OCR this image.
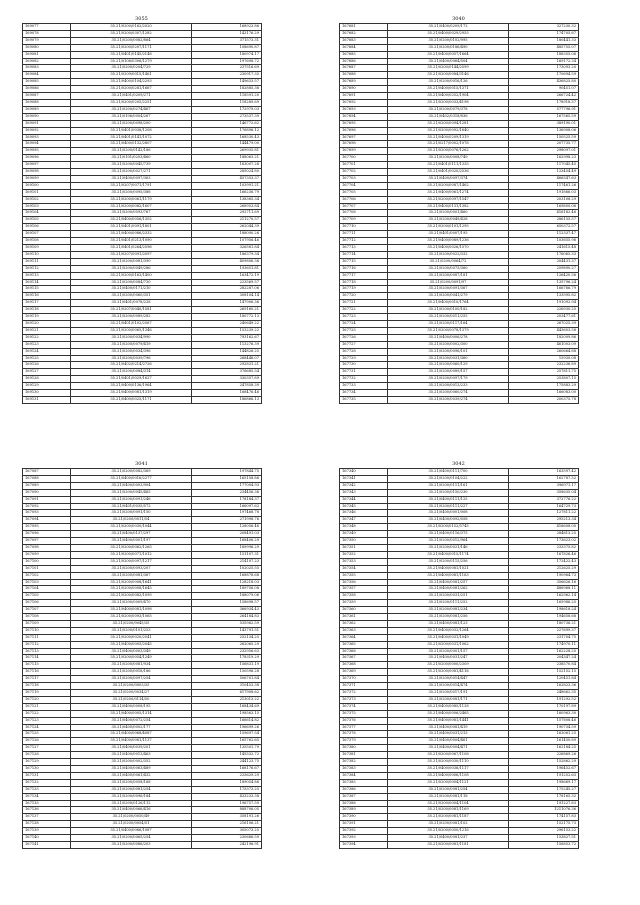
3055
169077	35.21/0200/0162/2020	168923.86
169078	35.21/0200/0307/1282	143176.29
169079	35.21/0200/0082/864	371573.31
169080	35.21/0200/0207/1171	108690.87
169081	35.21/0401/0145/2148	180974.17
169082	35.21/0106/0306/1279	197698.72
169083	35.21/0200/0204/729	237516.69
169084	35.21/0209/0015/1461	230917.35
169085	35.21/0400/0104/2293	149633.57
169086	35.21/0200/0281/1667	182885.36
169087	35.21/0401/0209/271	118591.20
169088	35.21/0200/0205/2251	118289.69
169089	35.21/0200/0274/467	172979.03
169090	35.21/0106/0004/267	273537.39
169091	35.21/0200/0098/200	146772.62
169092	35.21/0401/0036/1208	176896.12
169093	35.21/0401/0141/1072	168530.43
169094	35.21/0400/0132/2807	144479.00
169095	35.21/0200/0142/186	269935.81
169096	35.21/0101/0203/460	188063.21
169097	35.21/0200/0045/739	163007.28
169098	35.21/0200/0027/271	285024.80
169099	35.21/0400/0097/363	457353.37
169100	35.21/0207/0071/1791	103991.21
169101	35.21/0200/0095/388	166236.79
169102	35.21/0200/0061/1179	138365.34
169103	35.21/0200/0082/1607	268953.84
169104	35.21/0200/0093/767	292711.69
169105	35.21/0400/0056/1302	211270.57
169106	35.21/0401/0091/1801	262044.39
169107	35.21/0400/0086/2332	188090.26
169108	35.21/0401/0213/1090	107956.46
169109	35.21/0401/0264/2596	326581.84
169110	35.21/0207/0091/2097	186379.34
169111	35.21/0200/0081/390	409806.36
169112	35.21/0200/0049/286	193651.81
169113	35.21/0200/0163/1400	163472.19
169114	35.21/0200/0084/730	223569.57
169115	35.21/0400/0171/210	282287.06
169116	35.21/0200/0060/351	308104.14
169117	35.21/0401/0078/228	147906.36
169118	35.21/0207/0040/1581	269160.21
169119	35.21/0200/0089/282	180772.13
169120	35.21/0401/0102/2567	240649.22
169121	35.21/0200/0065/1346	153239.22
169122	35.21/0200/0034/990	793162.67
169123	35.21/0200/0079/419	113276.39
169124	35.21/0200/0034/396	144826.25
169125	35.21/0200/0039/796	268446.07
169126	35.21/0402/0214/2726	292831.21
169127	35.21/0200/0084/314	376685.54
169128	35.21/0401/0029/1627	330357.89
169129	35.21/0400/0136/1964	247858.39
169130	35.21/0400/0081/1319	168476.46
169131	35.21/0400/0025/1171	186866.13
3040
167681	35.21/0400/0209/172	327230.32
167682	35.21/0400/0029/2955	174705.67
167683	35.21/0200/0102/995	180441.33
167684	35.21/0200/0186/490	485755.07
167685	35.21/0400/0057/1664	188355.06
167686	35.21/0400/0064/504	169172.34
167687	35.21/0200/0144/2599	173093.20
167688	35.21/0200/0084/3146	170694.59
167689	35.21/0200/0016/126	436825.80
167690	35.21/0400/0015/1371	90451.07
167691	35.21/0400/0252/1904	266724.42
167692	35.21/0200/0033/4198	178918.37
167693	35.21/0200/0079/378	577796.91
167694	35.21/0402/0318/836	167565.59
167695	35.21/0200/0094/1281	389190.01
167696	35.21/0200/0092/1640	136908.06
167697	35.21/0400/0209/1319	150525.59
167698	35.21/0217/0002/1076	207735.77
167699	35.21/0200/0076/1262	298097.01
167700	35.21/0200/0008/749	162998.23
167701	35.21/0401/0111/1335	117045.45
167702	35.21/0401/0020/2536	123454.49
167703	35.21/0400/0097/374	466547.63
167704	35.21/0200/0087/1462	117461.26
167705	35.21/0400/0061/1274	191866.03
167706	35.21/0200/0097/1547	203108.29
167707	35.21/0400/0131/1382	169800.06
167708	35.21/0200/0001/460	416182.46
167709	35.21/0200/0049/428	286155.57
167710	35.21/0200/0101/1295	650372.57
167711	35.21/0401/0007/195	112337.47
167712	35.21/0400/0089/1236	103655.98
167713	35.21/0400/0026/1570	241615.48
167714	35.21/0200/0022/332	176065.33
167715	35.21/0200/0064/72	204431.37
167716	35.21/0200/0075/360	259890.27
167717	35.21/0200/0087/181	126420.56
167718	35.21/0200/0091/97	135796.24
167719	35.21/0200/0091/367	166766.79
167720	35.21/0200/0041/279	133995.82
167721	35.21/0400/0010/1764	191092.94
167722	35.21/0200/0100/182	226930.25
167723	35.21/0200/0011/255	203477.61
167724	35.21/0200/0117/164	267025.39
167725	35.21/0200/0078/1379	443603.58
167726	35.21/0400/0006/278	182009.86
167727	35.21/0200/0002/300	461003.09
167728	35.21/0200/0096/101	260664.88
167729	35.21/0200/0031/360	15930.08
167730	35.21/0200/0060/129	232236.89
167731	35.21/0200/0089/157	257811.75
167732	35.21/0200/0097/179	253807.15
167733	35.21/0200/0013/233	175883.29
167734	35.21/0200/0060/274	166083.00
167735	35.21/0200/0039/274	200375.78
3041
167087	35.21/0200/0082/369	197844.75
167088	35.21/0400/0016/2277	165158.86
167089	35.21/0400/0003/904	177004.93
167090	35.21/0200/0045/465	234456.36
167091	35.21/0200/0091/246	178184.37
167092	35.21/0401/0035/572	166097.63
167093	35.21/0200/0091/150	197468.78
167094	35.21/0200/0011/54	271998.76
167095	35.21/0200/0030/1044	128056.46
167096	35.21/0400/0137/297	208491.03
167097	35.21/0400/0001/197	168406.29
167098	35.21/0200/0062/1265	189996.29
167099	35.21/0200/0071/1012	151107.31
167100	35.21/0200/0097/1217	214107.23
167101	35.21/0200/0093/207	102025.55
167102	35.21/0200/0081/367	168878.68
167103	35.21/0200/0008/1641	128218.03
167104	35.21/0200/0008/1645	189756.08
167105	35.21/0200/0083/1095	188079.06
167106	35.21/0200/0009/470	158698.57
167107	35.21/0400/0081/1098	366934.43
167108	35.21/0200/0093/1065	264184.83
167109	35.21/0200/0045/35	535962.59
167110	35.21/0200/0101/253	143791.51
167111	35.21/0200/0020/2541	252134.25
167112	35.21/0400/0005/2045	262065.29
167113	35.21/0400/0003/349	232956.63
167114	35.21/0200/0054/1249	178319.29
167115	35.21/0200/0081/934	156831.19
167116	35.21/0200/0018/186	150596.28
167117	35.21/0200/0097/254	506701.84
167118	35.21/0200/0003/35	310453.38
167119	35.21/0200/0034/27	617908.62
167120	35.21/0200/0114/50	213013.22
167121	35.21/0400/0008/195	168434.69
167122	35.21/0400/0005/1314	198563.15
167123	35.21/0400/0072/254	166614.82
167124	35.21/0400/0002/177	196699.26
167125	35.21/0400/0068/4087	159697.54
167126	35.21/0400/0081/1137	165762.65
167127	35.21/0400/0039/201	135501.79
167128	35.21/0400/0013/463	145532.72
167129	35.21/0200/0002/352	244123.75
167130	35.21/0400/0063/489	168176.67
167131	35.21/0400/0061/432	225629.29
167132	35.21/0200/0058/168	189054.86
167133	35.21/0200/0081/254	175373.25
167134	35.21/0200/0096/184	433233.38
167135	35.21/0200/0126/112	196757.59
167136	35.21/0400/0066/416	888706.05
167137	35.21/0200/0050/49	358191.26
167138	35.21/0200/0054/51	216106.21
167139	35.21/0400/0066/1087	305073.25
167140	35.21/0200/0065/254	230666.59
167141	35.21/0200/0086/203	242196.91
3042
167340	35.21/0400/0111/700	163597.42
167341	35.21/0200/0104/222	162787.52
167342	35.21/0200/0111/161	396971.17
167343	35.21/0200/0150/230	358635.04
167344	35.21/0400/0111/125	372776.22
167345	35.21/0200/0111/227	164729.73
167346	35.21/0400/0001/008	127811.22
167347	35.21/0400/0092/058	295213.34
167348	35.21/0200/0152/5745	416608.00
167349	35.21/0400/0116/375	284813.25
167350	35.21/0200/0012/964	173623.02
167351	35.21/0200/0021/146	233375.82
167352	35.21/0400/0015/1174	167826.46
167353	35.21/0200/0115/256	172422.43
167354	35.21/0400/0081/1021	212625.29
167355	35.21/0400/0081/1163	190964.73
167356	35.21/0400/0081/257	356626.16
167357	35.21/0400/0081/262	486968.11
167358	35.21/0200/0031/251	162962.14
167359	35.21/0200/0111/252	165986.25
167360	35.21/0200/0081/234	198618.24
167361	35.21/0200/0081/256	194658.68
167362	35.21/0400/0081/123	180736.21
167363	35.21/0400/0032/1264	227699.37
167364	35.21/0400/0031/1049	231704.75
167365	35.21/0200/0031/1062	174970.11
167366	35.21/0200/0001/157	162228.25
167367	35.21/0400/0031/247	204347.24
167368	35.21/0200/0000/2309	238570.84
167369	35.21/0200/0081/4116	152152.15
167370	35.21/0200/0014/447	120451.84
167371	35.21/0200/0014/474	162823.36
167372	35.21/0200/0017/191	248662.35
167373	35.21/0200/0081/171	191292.52
167374	35.21/0400/0085/1128	170197.89
167375	35.21/0400/0006/2465	160963.30
167376	35.21/0400/0081/1441	157808.46
167377	35.21/0400/0081/419	190734.59
167378	35.21/0400/0031/213	163061.25
167379	35.21/0400/0004/461	161450.89
167380	35.21/0400/0004/471	162184.25
167381	35.21/0200/0067/1108	226869.26
167382	35.21/0200/0030/1110	152862.29
167383	35.21/0400/0036/1117	196452.67
167384	35.21/0400/0006/1108	191252.63
167385	35.21/0200/0004/1121	198669.17
167386	35.21/0200/0081/254	175245.27
167387	35.21/0200/0081/118	178165.32
167388	35.21/0200/0004/1104	191227.83
167389	35.21/0200/0081/1169	1211076.36
167390	35.21/0200/0081/1187	174157.83
167391	35.21/0200/0081/102	152175.73
167392	35.21/0200/0050/1216	296153.22
167393	35.21/0400/0081/237	153827.51
167394	35.21/0200/0081/1181	156853.72
